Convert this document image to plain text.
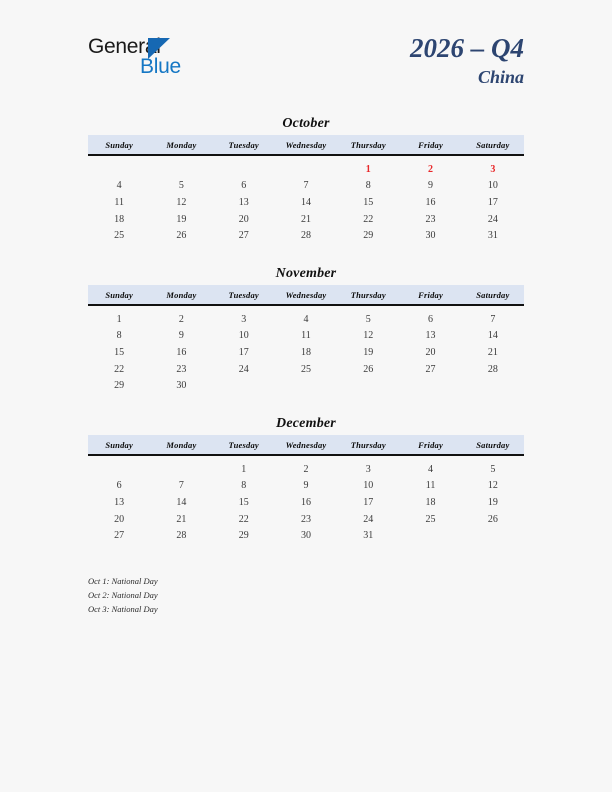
General
Blue
2026 – Q4
China
October
Sunday	Monday	Tuesday	Wednesday	Thursday	Friday	Saturday
				1	2	3
4	5	6	7	8	9	10
11	12	13	14	15	16	17
18	19	20	21	22	23	24
25	26	27	28	29	30	31
November
Sunday	Monday	Tuesday	Wednesday	Thursday	Friday	Saturday
1	2	3	4	5	6	7
8	9	10	11	12	13	14
15	16	17	18	19	20	21
22	23	24	25	26	27	28
29	30					
December
Sunday	Monday	Tuesday	Wednesday	Thursday	Friday	Saturday
		1	2	3	4	5
6	7	8	9	10	11	12
13	14	15	16	17	18	19
20	21	22	23	24	25	26
27	28	29	30	31		
Oct 1: National Day
Oct 2: National Day
Oct 3: National Day
